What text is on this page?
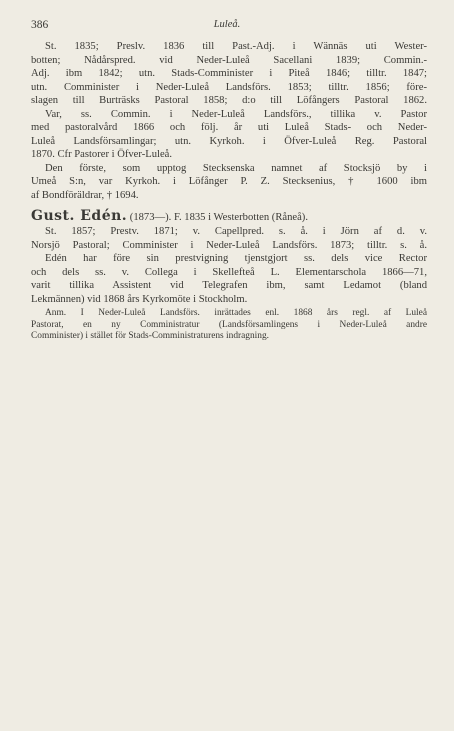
386	Luleå.
St. 1835; Preslv. 1836 till Past.-Adj. i Wännäs uti Wester-
botten; Nådårspred. vid Neder-Luleå Sacellani 1839; Commin.-
Adj. ibm 1842; utn. Stads-Comminister i Piteå 1846; tilltr. 1847;
utn. Comminister i Neder-Luleå Landsförs. 1853; tilltr. 1856; före-
slagen till Burträsks Pastoral 1858; d:o till Löfångers Pastoral 1862.
Var, ss. Commin. i Neder-Luleå Landsförs., tillika v. Pastor
med pastoralvård 1866 och följ. år uti Luleå Stads- och Neder-
Luleå Landsförsamlingar; utn. Kyrkoh. i Öfver-Luleå Reg. Pastoral
1870. Cfr Pastorer i Öfver-Luleå.
Den förste, som upptog Stecksenska namnet af Stocksjö by i
Umeå S:n, var Kyrkoh. i Löfånger P. Z. Stecksenius, † 1600 ibm
af Bondföräldrar, † 1694.
Gust. Edén. (1873—). F. 1835 i Westerbotten (Råneå).
St. 1857; Prestv. 1871; v. Capellpred. s. å. i Jörn af d. v.
Norsjö Pastoral; Comminister i Neder-Luleå Landsförs. 1873; tilltr. s. å.
Edén har före sin prestvigning tjenstgjort ss. dels vice Rector
och dels ss. v. Collega i Skellefteå L. Elementarschola 1866—71,
varit tillika Assistent vid Telegrafen ibm, samt Ledamot (bland
Lekmännen) vid 1868 års Kyrkomöte i Stockholm.
Anm. I Neder-Luleå Landsförs. inrättades enl. 1868 års regl. af Luleå
Pastorat, en ny Comministratur (Landsförsamlingens i Neder-Luleå andre
Comminister) i stället för Stads-Comministraturens indragning.
